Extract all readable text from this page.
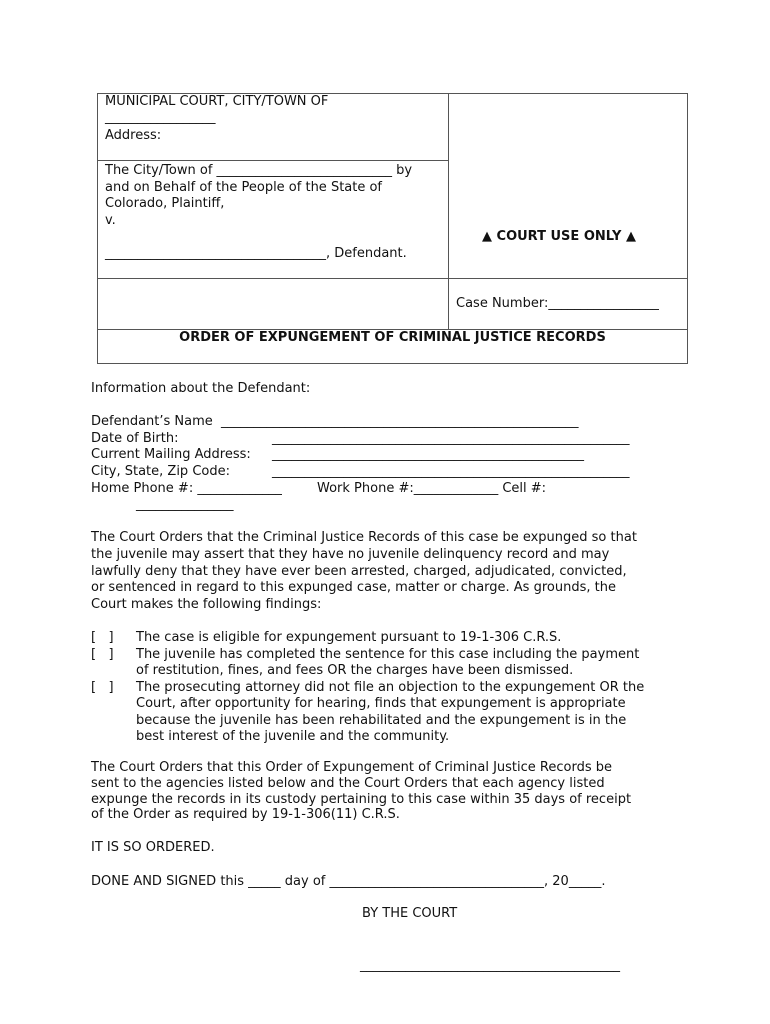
MUNICIPAL COURT, CITY/TOWN OF
_________________
Address:
The City/Town of ___________________________ by
and on Behalf of the People of the State of
Colorado, Plaintiff,
v.
__________________________________, Defendant.
▲ COURT USE ONLY ▲
Case Number:_________________
ORDER OF EXPUNGEMENT OF CRIMINAL JUSTICE RECORDS
Information about the Defendant:
Defendant’s Name  _______________________________________________________
Date of Birth:	_______________________________________________________
Current Mailing Address: ________________________________________________
City, State, Zip Code:	_______________________________________________________
Home Phone #: _____________	Work Phone #:_____________ Cell #:
_______________
The Court Orders that the Criminal Justice Records of this case be expunged so that
the juvenile may assert that they have no juvenile delinquency record and may
lawfully deny that they have ever been arrested, charged, adjudicated, convicted,
or sentenced in regard to this expunged case, matter or charge. As grounds, the
Court makes the following findings:
[   ] The case is eligible for expungement pursuant to 19-1-306 C.R.S.
[   ] The juvenile has completed the sentence for this case including the payment
of restitution, fines, and fees OR the charges have been dismissed.
[   ] The prosecuting attorney did not file an objection to the expungement OR the
Court, after opportunity for hearing, finds that expungement is appropriate
because the juvenile has been rehabilitated and the expungement is in the
best interest of the juvenile and the community.
The Court Orders that this Order of Expungement of Criminal Justice Records be
sent to the agencies listed below and the Court Orders that each agency listed
expunge the records in its custody pertaining to this case within 35 days of receipt
of the Order as required by 19-1-306(11) C.R.S.
IT IS SO ORDERED.
DONE AND SIGNED this _____ day of _________________________________, 20_____.
BY THE COURT
________________________________________
